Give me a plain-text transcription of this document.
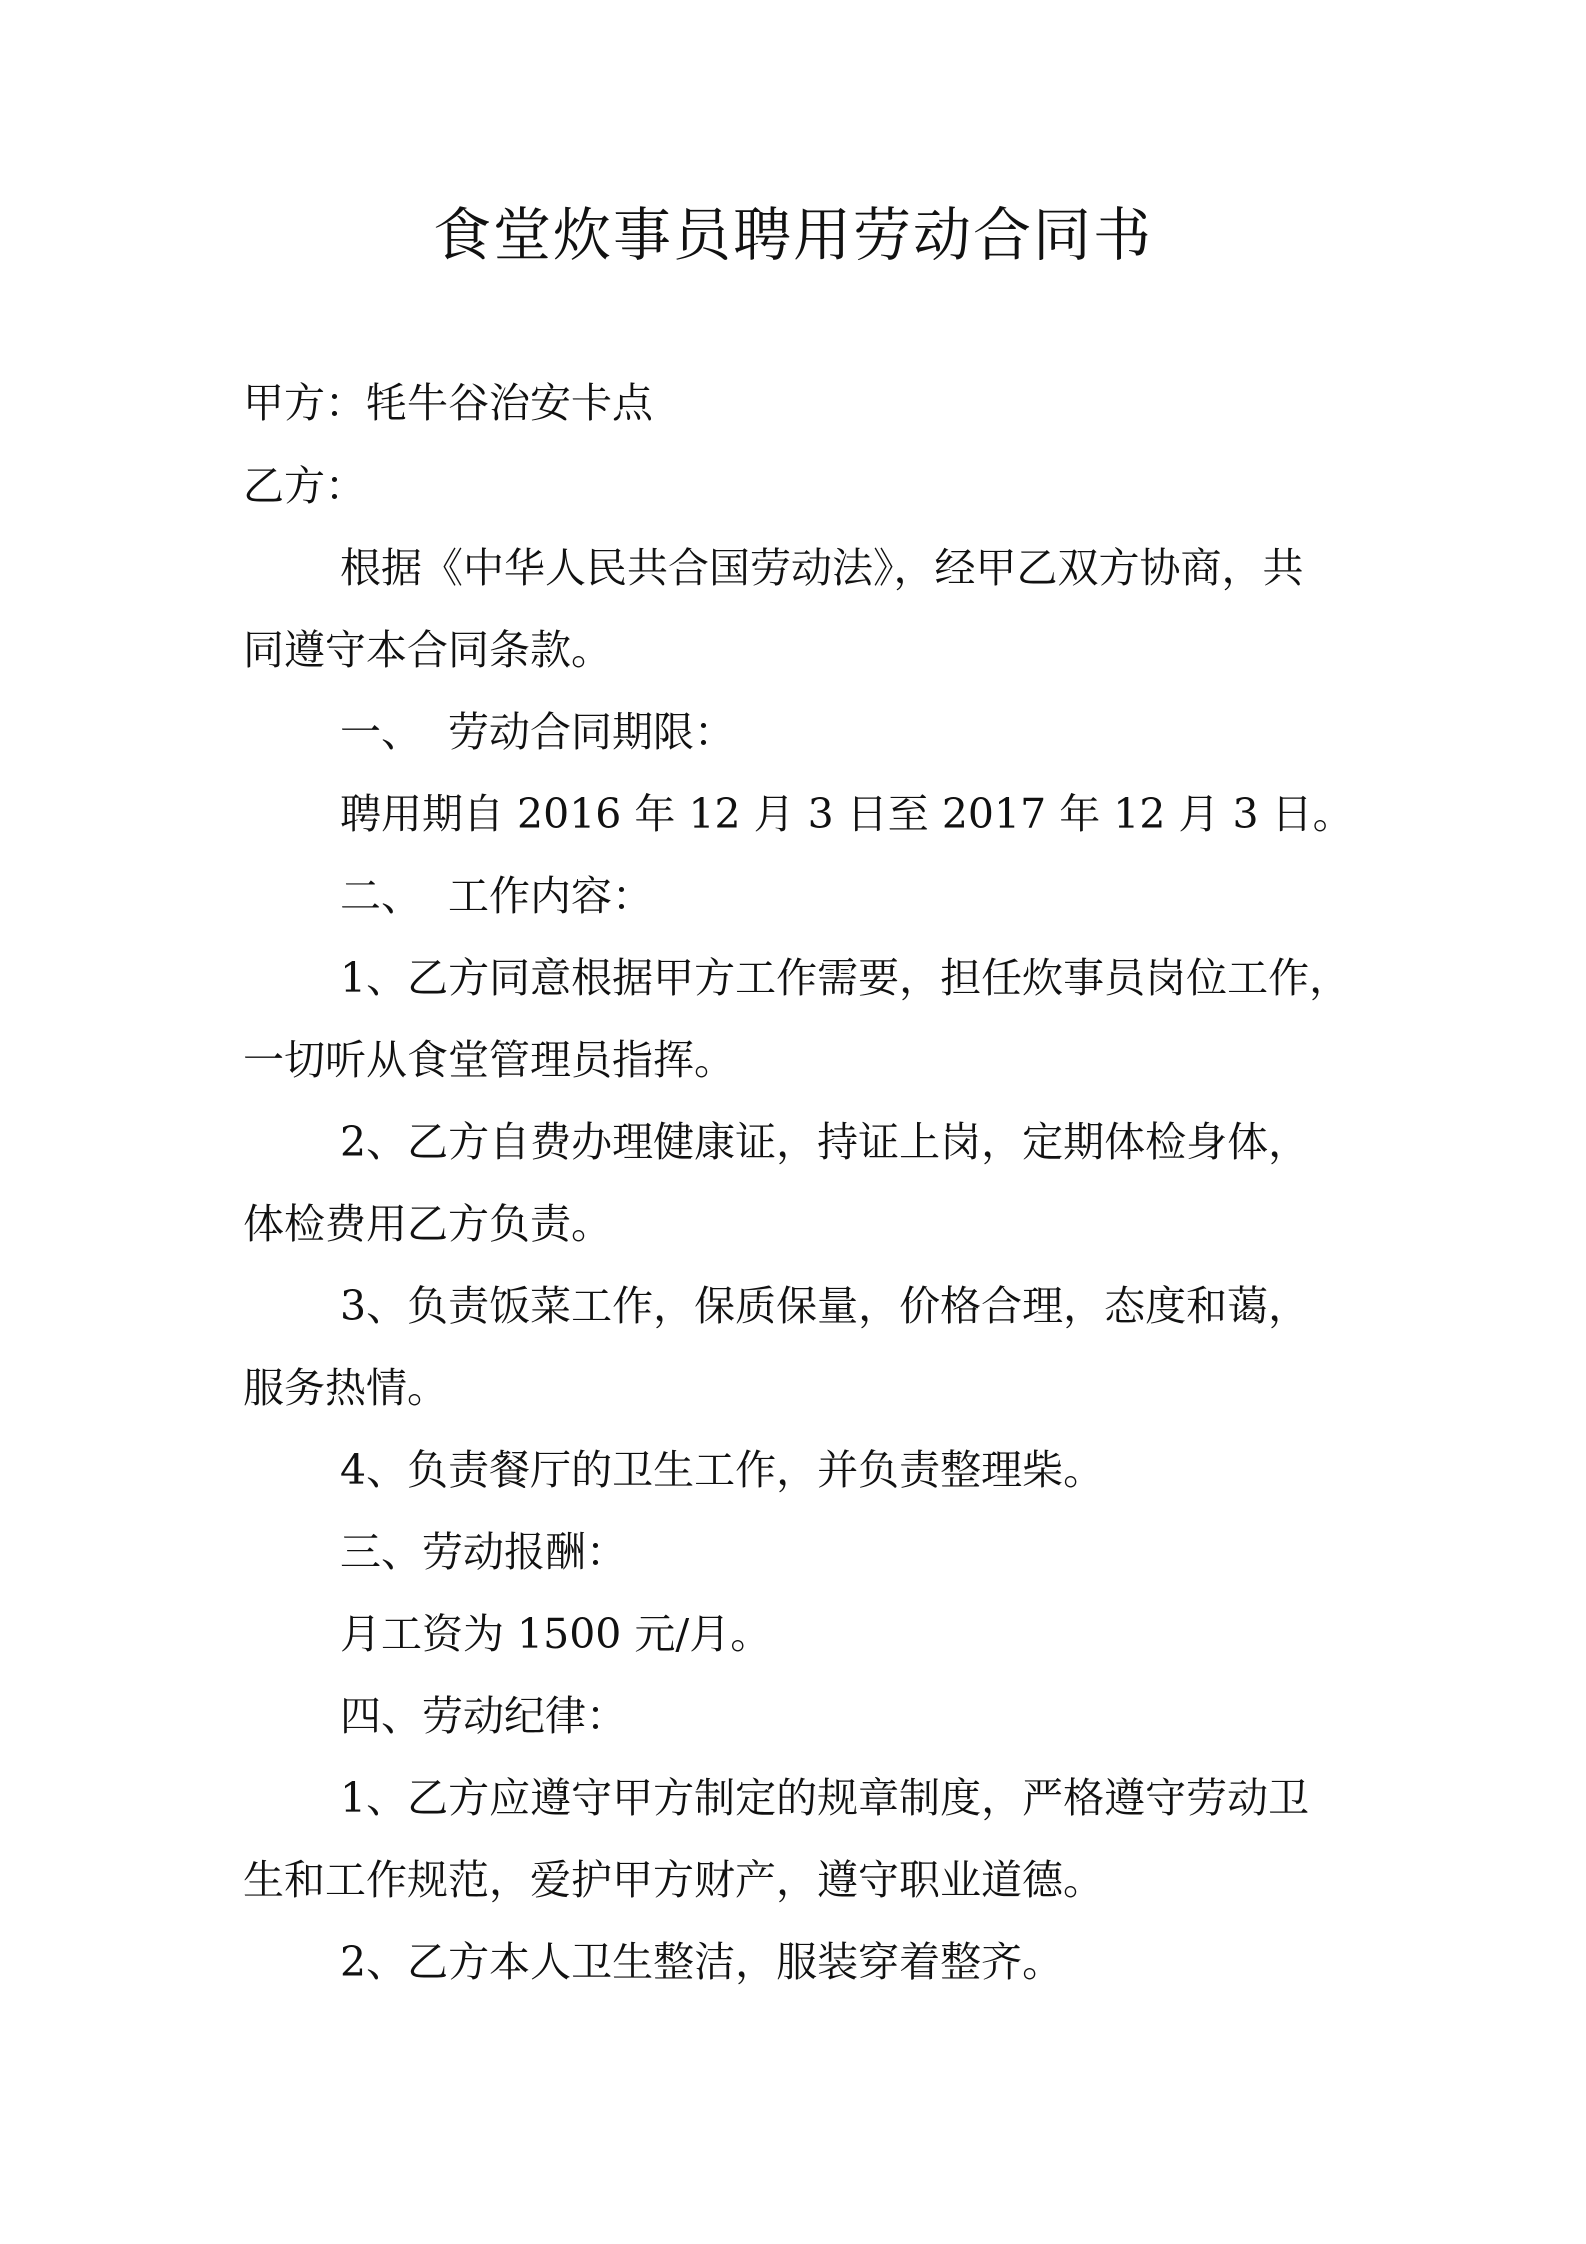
食堂炊事员聘用劳动合同书
甲方：牦牛谷治安卡点
乙方：
根据《中华人民共合国劳动法》，经甲乙双方协商，共
同遵守本合同条款。
一、 劳动合同期限：
聘用期自 2016 年 12 月 3 日至 2017 年 12 月 3 日。
二、 工作内容：
1、乙方同意根据甲方工作需要，担任炊事员岗位工作，
一切听从食堂管理员指挥。
2、乙方自费办理健康证，持证上岗，定期体检身体，
体检费用乙方负责。
3、负责饭菜工作，保质保量，价格合理，态度和蔼，
服务热情。
4、负责餐厅的卫生工作，并负责整理柴。
三、劳动报酬：
月工资为 1500 元/月。
四、劳动纪律：
1、乙方应遵守甲方制定的规章制度，严格遵守劳动卫
生和工作规范，爱护甲方财产，遵守职业道德。
2、乙方本人卫生整洁，服装穿着整齐。
